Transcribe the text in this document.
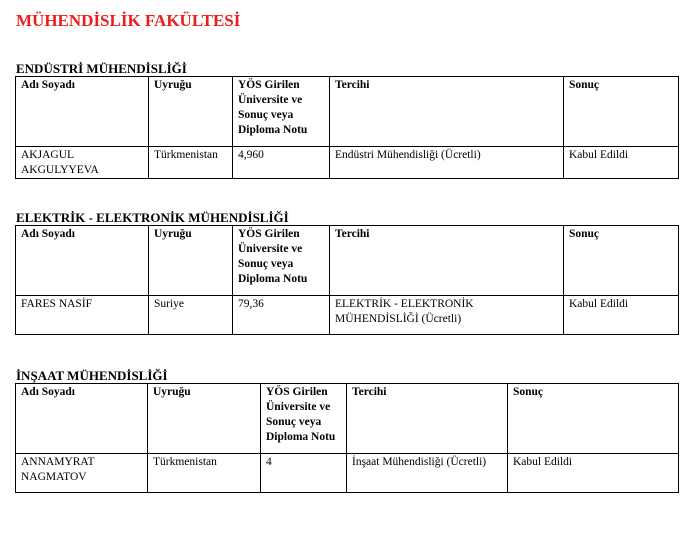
MÜHENDİSLİK FAKÜLTESİ
ENDÜSTRİ MÜHENDİSLİĞİ
Adı Soyadı	Uyruğu	YÖS Girilen Üniversite ve Sonuç veya Diploma Notu	Tercihi	Sonuç
AKJAGUL AKGULYYEVA	Türkmenistan	4,960	Endüstri Mühendisliği (Ücretli)	Kabul Edildi
ELEKTRİK - ELEKTRONİK MÜHENDİSLİĞİ
Adı Soyadı	Uyruğu	YÖS Girilen Üniversite ve Sonuç veya Diploma Notu	Tercihi	Sonuç
FARES NASİF	Suriye	79,36	ELEKTRİK - ELEKTRONİK MÜHENDİSLİĞİ (Ücretli)	Kabul Edildi
İNŞAAT MÜHENDİSLİĞİ
Adı Soyadı	Uyruğu	YÖS Girilen Üniversite ve Sonuç veya Diploma Notu	Tercihi	Sonuç
ANNAMYRAT NAGMATOV	Türkmenistan	4	İnşaat Mühendisliği (Ücretli)	Kabul Edildi
